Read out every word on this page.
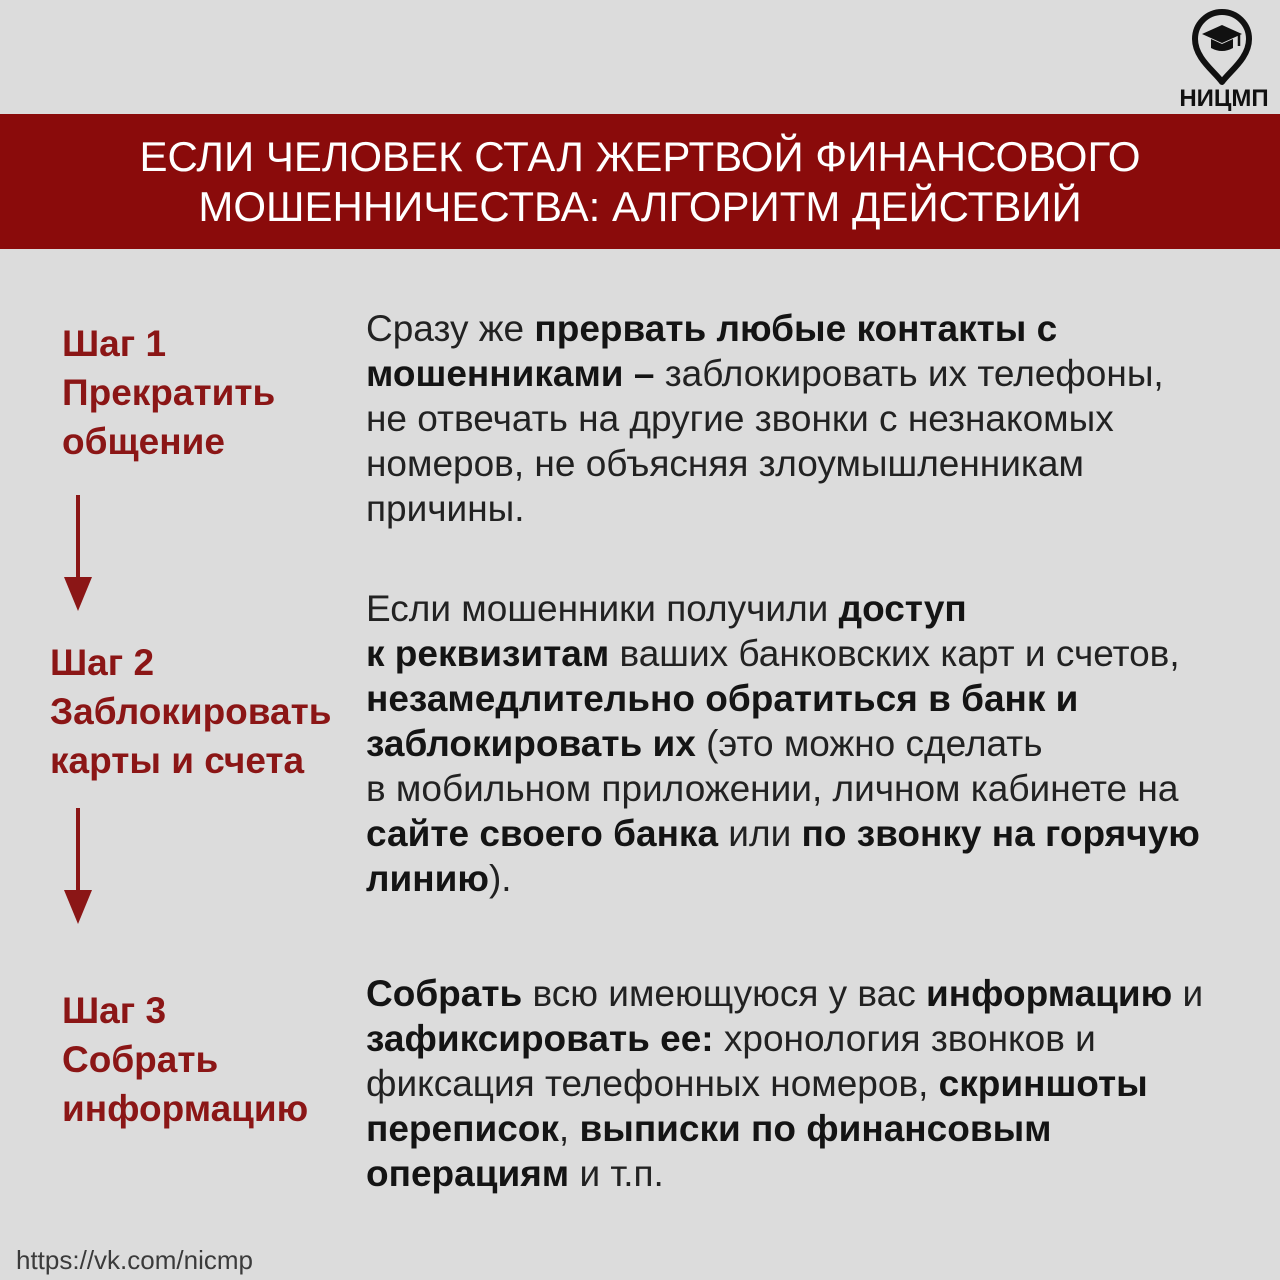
НИЦМП
ЕСЛИ ЧЕЛОВЕК СТАЛ ЖЕРТВОЙ ФИНАНСОВОГО
МОШЕННИЧЕСТВА: АЛГОРИТМ ДЕЙСТВИЙ
Шаг 1
Прекратить
общение
Шаг 2
Заблокировать
карты и счета
Шаг 3
Собрать
информацию
Сразу же прервать любые контакты с
мошенниками – заблокировать их телефоны,
не отвечать на другие звонки с незнакомых
номеров, не объясняя злоумышленникам
причины.
Если мошенники получили доступ
к реквизитам ваших банковских карт и счетов,
незамедлительно обратиться в банк и
заблокировать их (это можно сделать
в мобильном приложении, личном кабинете на
сайте своего банка или по звонку на горячую
линию).
Собрать всю имеющуюся у вас информацию и
зафиксировать ее: хронология звонков и
фиксация телефонных номеров, скриншоты
переписок, выписки по финансовым
операциям и т.п.
https://vk.com/nicmp
